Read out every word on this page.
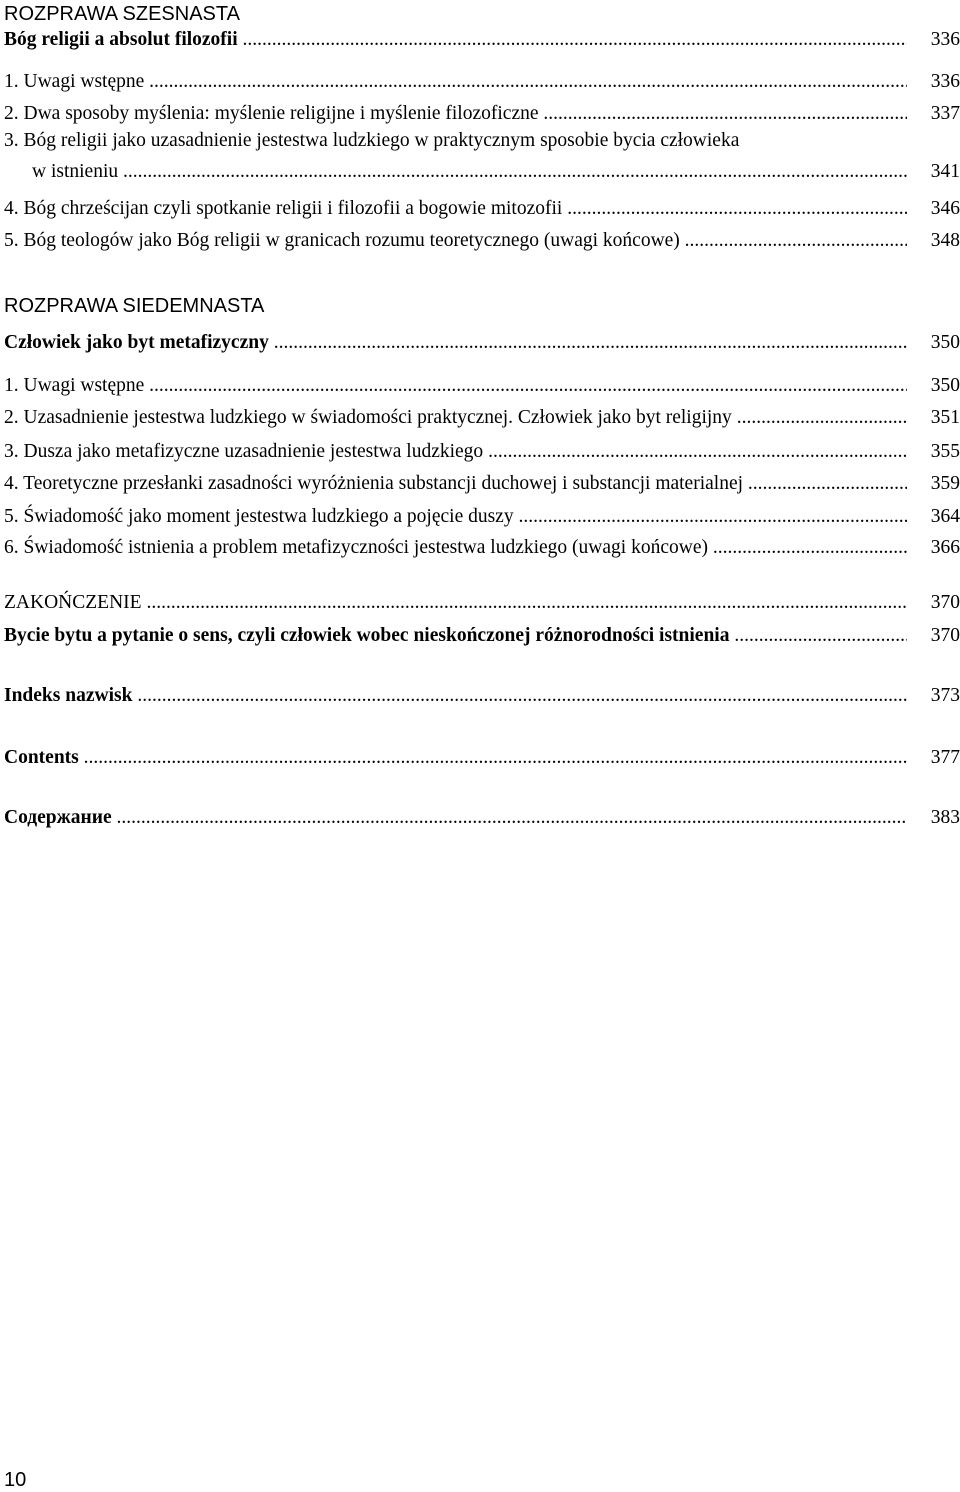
ROZPRAWA SZESNASTA
Bóg religii a absolut filozofii .....	336
1. Uwagi wstępne .....	336
2. Dwa sposoby myślenia: myślenie religijne i myślenie filozoficzne .....	337
3. Bóg religii jako uzasadnienie jestestwa ludzkiego w praktycznym sposobie bycia człowieka
w istnieniu .....	341
4. Bóg chrześcijan czyli spotkanie religii i filozofii a bogowie mitozofii .....	346
5. Bóg teologów jako Bóg religii w granicach rozumu teoretycznego (uwagi końcowe) .....	348
ROZPRAWA SIEDEMNASTA
Człowiek jako byt metafizyczny .....	350
1. Uwagi wstępne .....	350
2. Uzasadnienie jestestwa ludzkiego w świadomości praktycznej. Człowiek jako byt religijny .....	351
3. Dusza jako metafizyczne uzasadnienie jestestwa ludzkiego .....	355
4. Teoretyczne przesłanki zasadności wyróżnienia substancji duchowej i substancji materialnej .....	359
5. Świadomość jako moment jestestwa ludzkiego a pojęcie duszy .....	364
6. Świadomość istnienia a problem metafizyczności jestestwa ludzkiego (uwagi końcowe) .....	366
ZAKOŃCZENIE .....	370
Bycie bytu a pytanie o sens, czyli człowiek wobec nieskończonej różnorodności istnienia .....	370
Indeks nazwisk .....	373
Contents .....	377
Содержание .....	383
10
